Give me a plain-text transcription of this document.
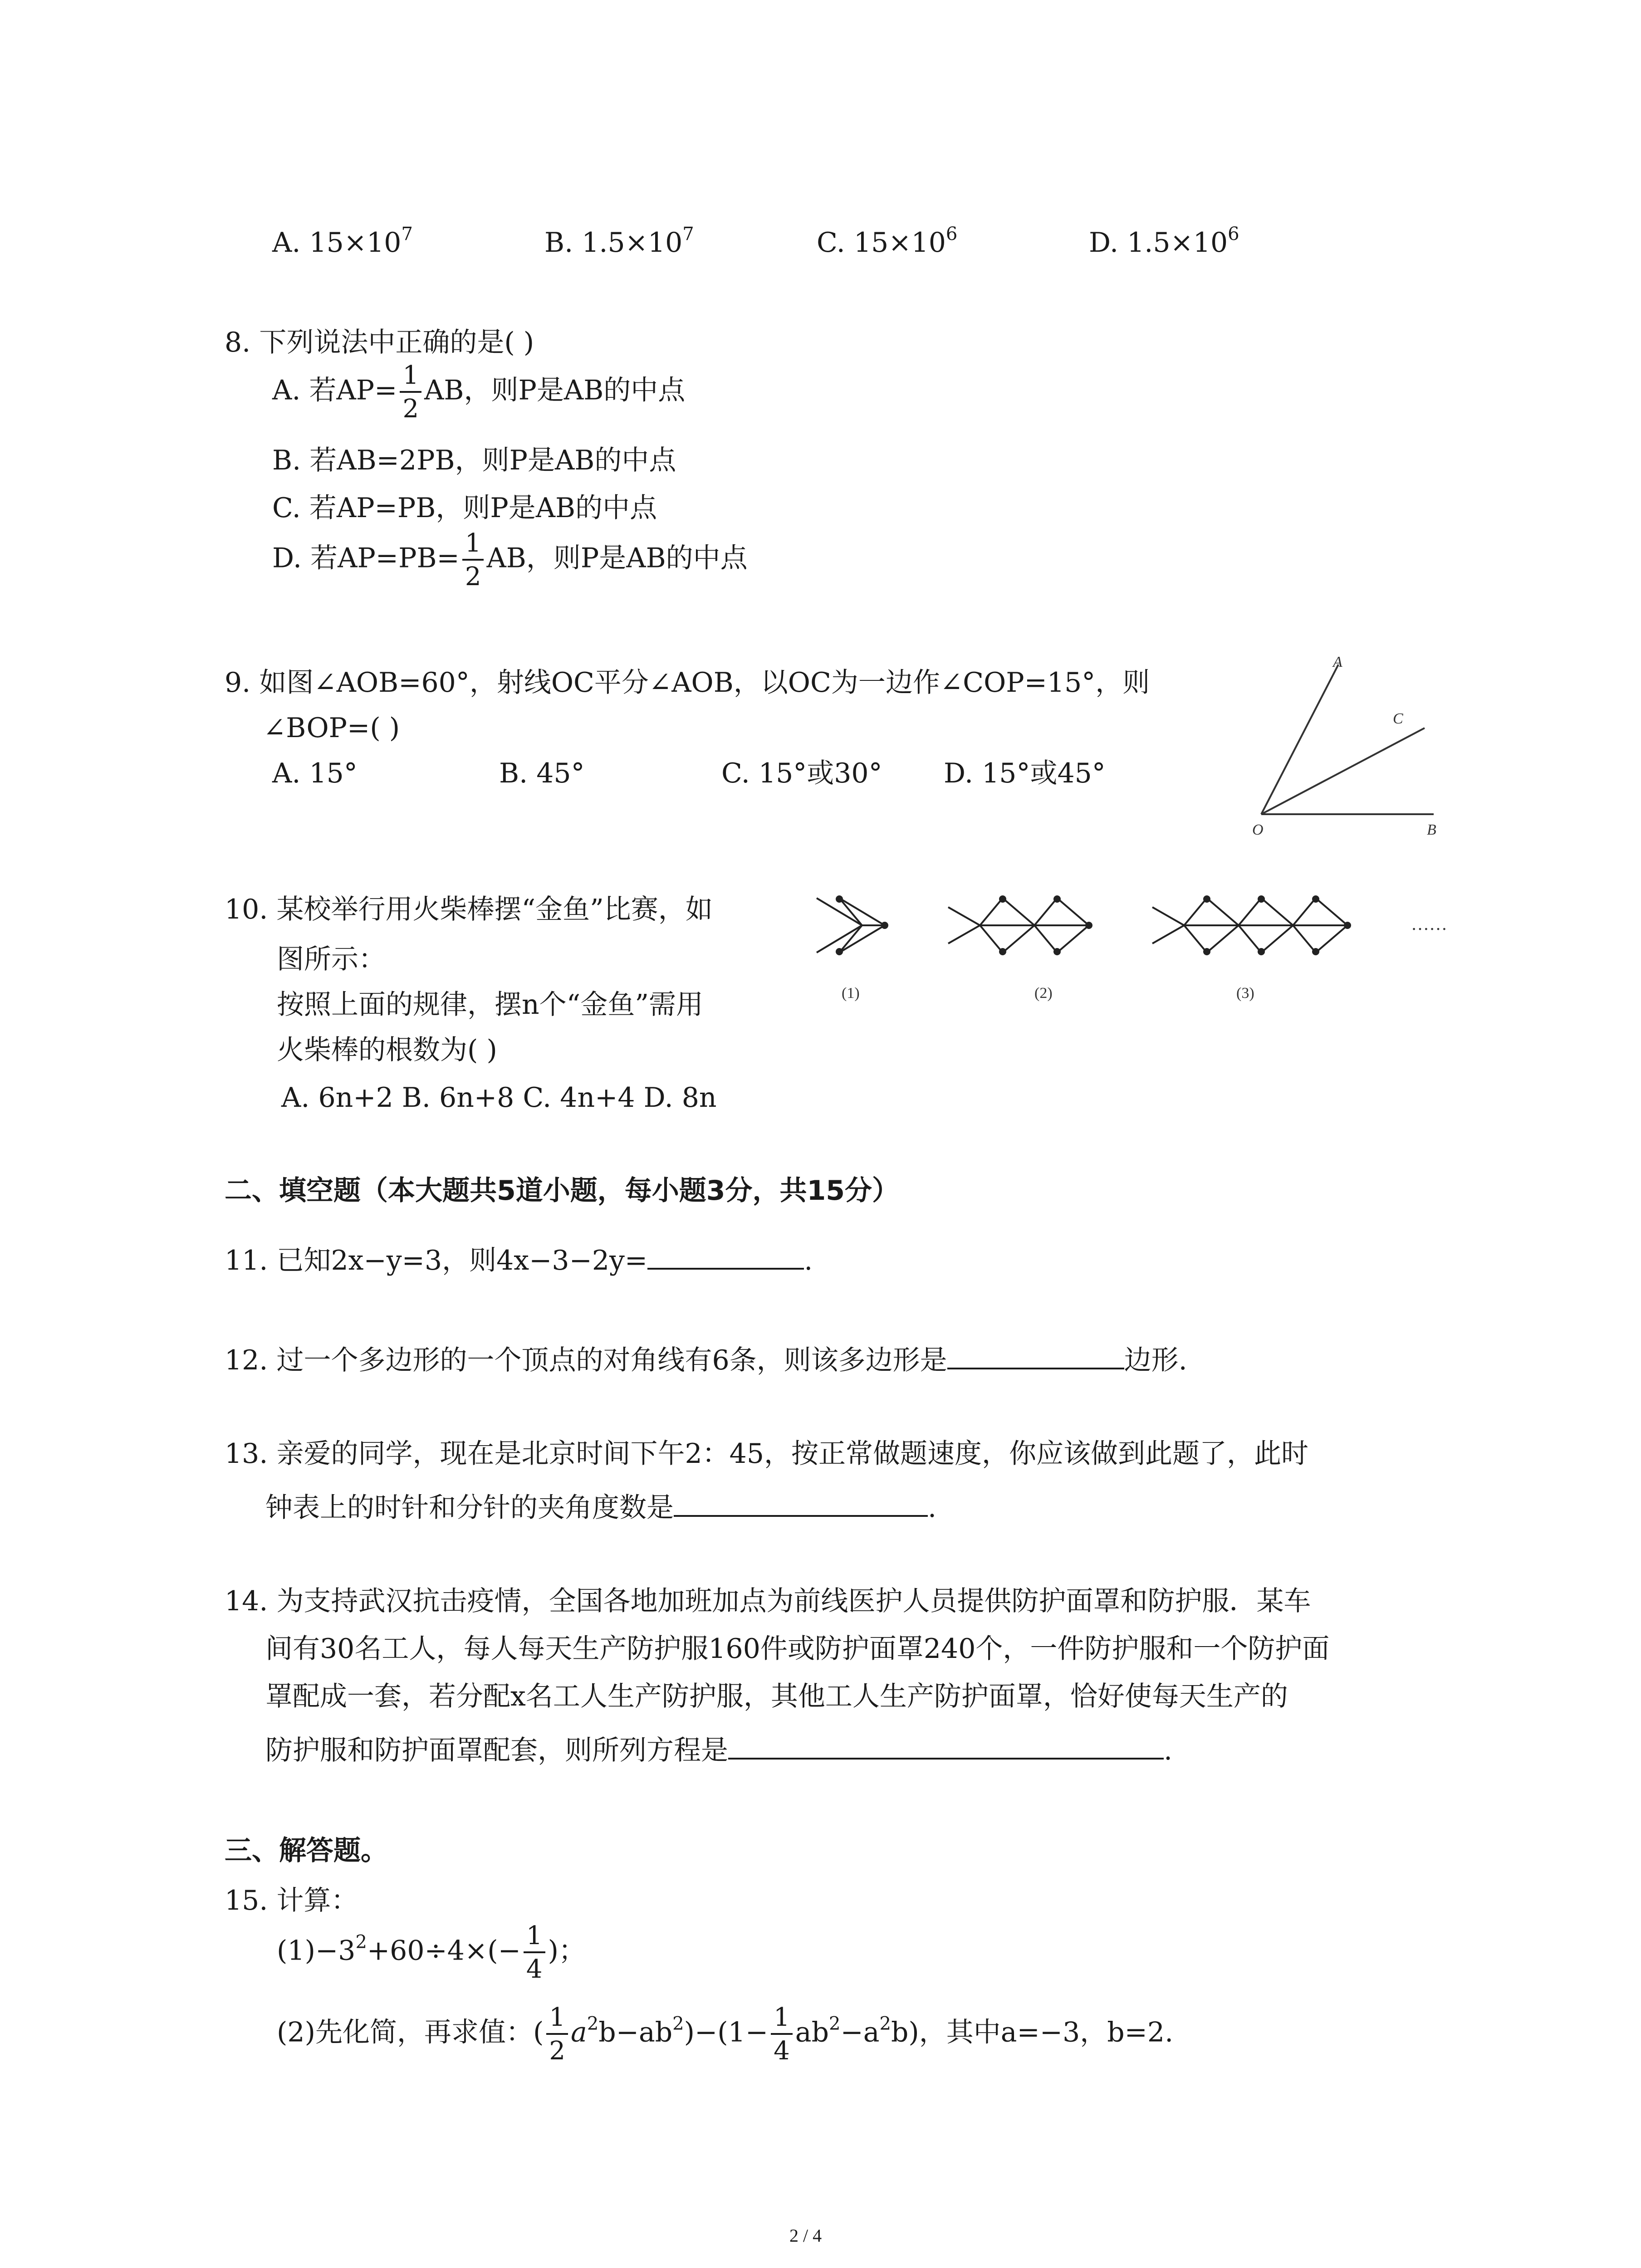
A. $15\times 10^7$	B. $1.5\times 10^7$	C. $15\times 10^6$	D. $1.5\times 10^6$
8. 下列说法中正确的是( )
A. 若$AP= \frac{1}{2}$ AB，则P是AB的中点
B. 若AB=2PB，则P是AB的中点
C. 若AP=PB，则P是AB的中点
D. 若$AP=PB= \frac{1}{2}$ AB，则P是AB的中点
9. 如图∠AOB=60°，射线OC平分∠AOB，以OC为一边作∠COP=15°，则
∠BOP=( )
A. 15°	B. 45°	C. 15°或30° D. 15°或45°
A
C
O	B
10. 某校举行用火柴棒摆“金鱼”比赛，如
图所示：
按照上面的规律，摆n个“金鱼”需用
火柴棒的根数为( )
A. 6n+2 B. 6n+8 C. 4n+4 D. 8n
(1)	(2)	(3)
……
二、填空题（本大题共5道小题，每小题3分，共15分）
11. 已知2x−y=3，则4x−3−2y=	.
12. 过一个多边形的一个顶点的对角线有6条，则该多边形是	边形.
13. 亲爱的同学，现在是北京时间下午2：45，按正常做题速度，你应该做到此题了，此时
钟表上的时针和分针的夹角度数是	.
14. 为支持武汉抗击疫情，全国各地加班加点为前线医护人员提供防护面罩和防护服．某车
间有30名工人，每人每天生产防护服160件或防护面罩240个，一件防护服和一个防护面
罩配成一套，若分配x名工人生产防护服，其他工人生产防护面罩，恰好使每天生产的
防护服和防护面罩配套，则所列方程是	.
三、解答题。
15. 计算：
$(1)-3^2+60\div 4\times(- \frac{1}{4}$ )；
(2)先化简，再求值：( $\frac{1}{2} a^2b-ab^2)-(1- \frac{1}{4} ab^2-a^2b)$，其中a=−3，b=2.
2 / 4
